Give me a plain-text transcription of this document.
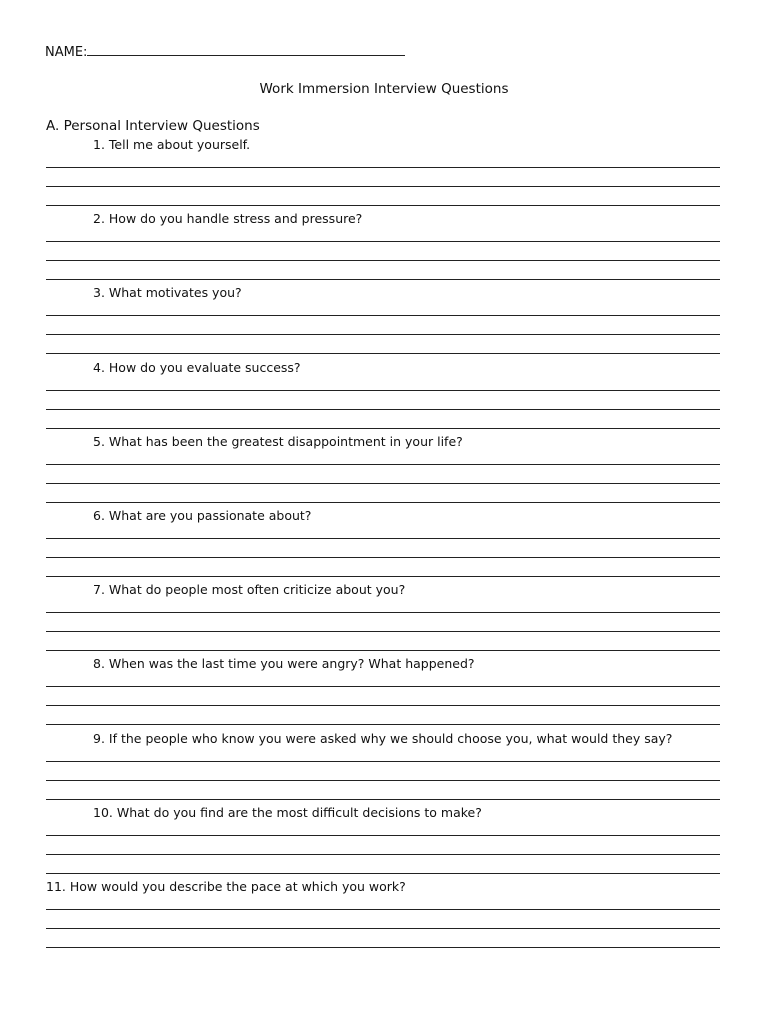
NAME:
Work Immersion Interview Questions
A. Personal Interview Questions
1. Tell me about yourself.
2. How do you handle stress and pressure?
3. What motivates you?
4. How do you evaluate success?
5. What has been the greatest disappointment in your life?
6. What are you passionate about?
7. What do people most often criticize about you?
8. When was the last time you were angry? What happened?
9. If the people who know you were asked why we should choose you, what would they say?
10. What do you find are the most difficult decisions to make?
11. How would you describe the pace at which you work?
